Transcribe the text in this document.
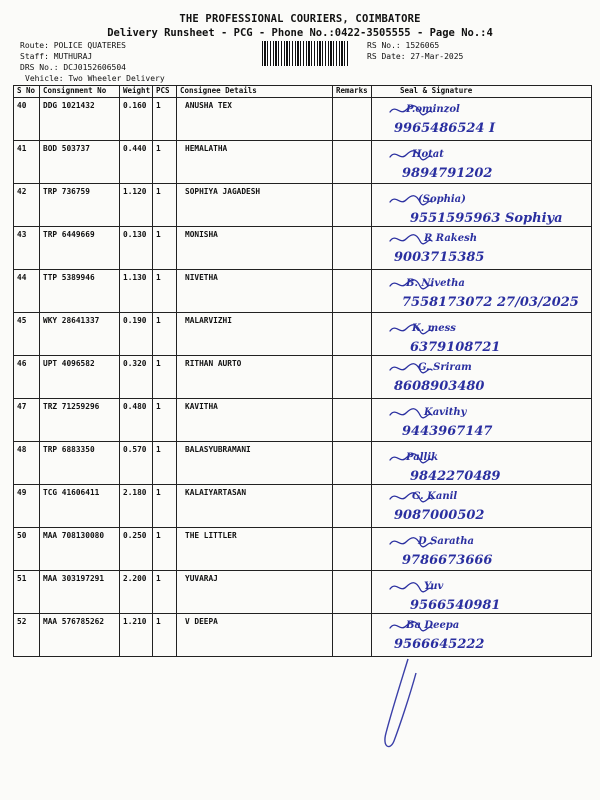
THE PROFESSIONAL COURIERS, COIMBATORE
Delivery Runsheet - PCG - Phone No.:0422-3505555 - Page No.:4
Route: POLICE QUATERES
Staff: MUTHURAJ
DRS No.: DCJ0152606504
Vehicle: Two Wheeler Delivery
RS No.: 1526065
RS Date: 27-Mar-2025
S No	Consignment No	Weight	PCS	Consignee Details	Remarks	Seal & Signature
40	DDG 1021432	0.160	1	ANUSHA TEX		P.ominzol
9965486524 I

41	BOD 503737	0.440	1	HEMALATHA		Hotat
9894791202

42	TRP 736759	1.120	1	SOPHIYA JAGADESH		(Sophia)
9551595963 Sophiya

43	TRP 6449669	0.130	1	MONISHA		R Rakesh
9003715385

44	TTP 5389946	1.130	1	NIVETHA		B. Nivetha
7558173072 27/03/2025

45	WKY 28641337	0.190	1	MALARVIZHI		K. mess
6379108721

46	UPT 4096582	0.320	1	RITHAN AURTO		G. Sriram
8608903480

47	TRZ 71259296	0.480	1	KAVITHA		Kavithy
9443967147

48	TRP 6883350	0.570	1	BALASYUBRAMANI		Pallik
9842270489

49	TCG 41606411	2.180	1	KALAIYARTASAN		G. Kanil
9087000502

50	MAA 708130080	0.250	1	THE LITTLER		D Saratha
9786673666

51	MAA 303197291	2.200	1	YUVARAJ		Yuv
9566540981

52	MAA 576785262	1.210	1	V DEEPA		Ba Deepa
9566645222
